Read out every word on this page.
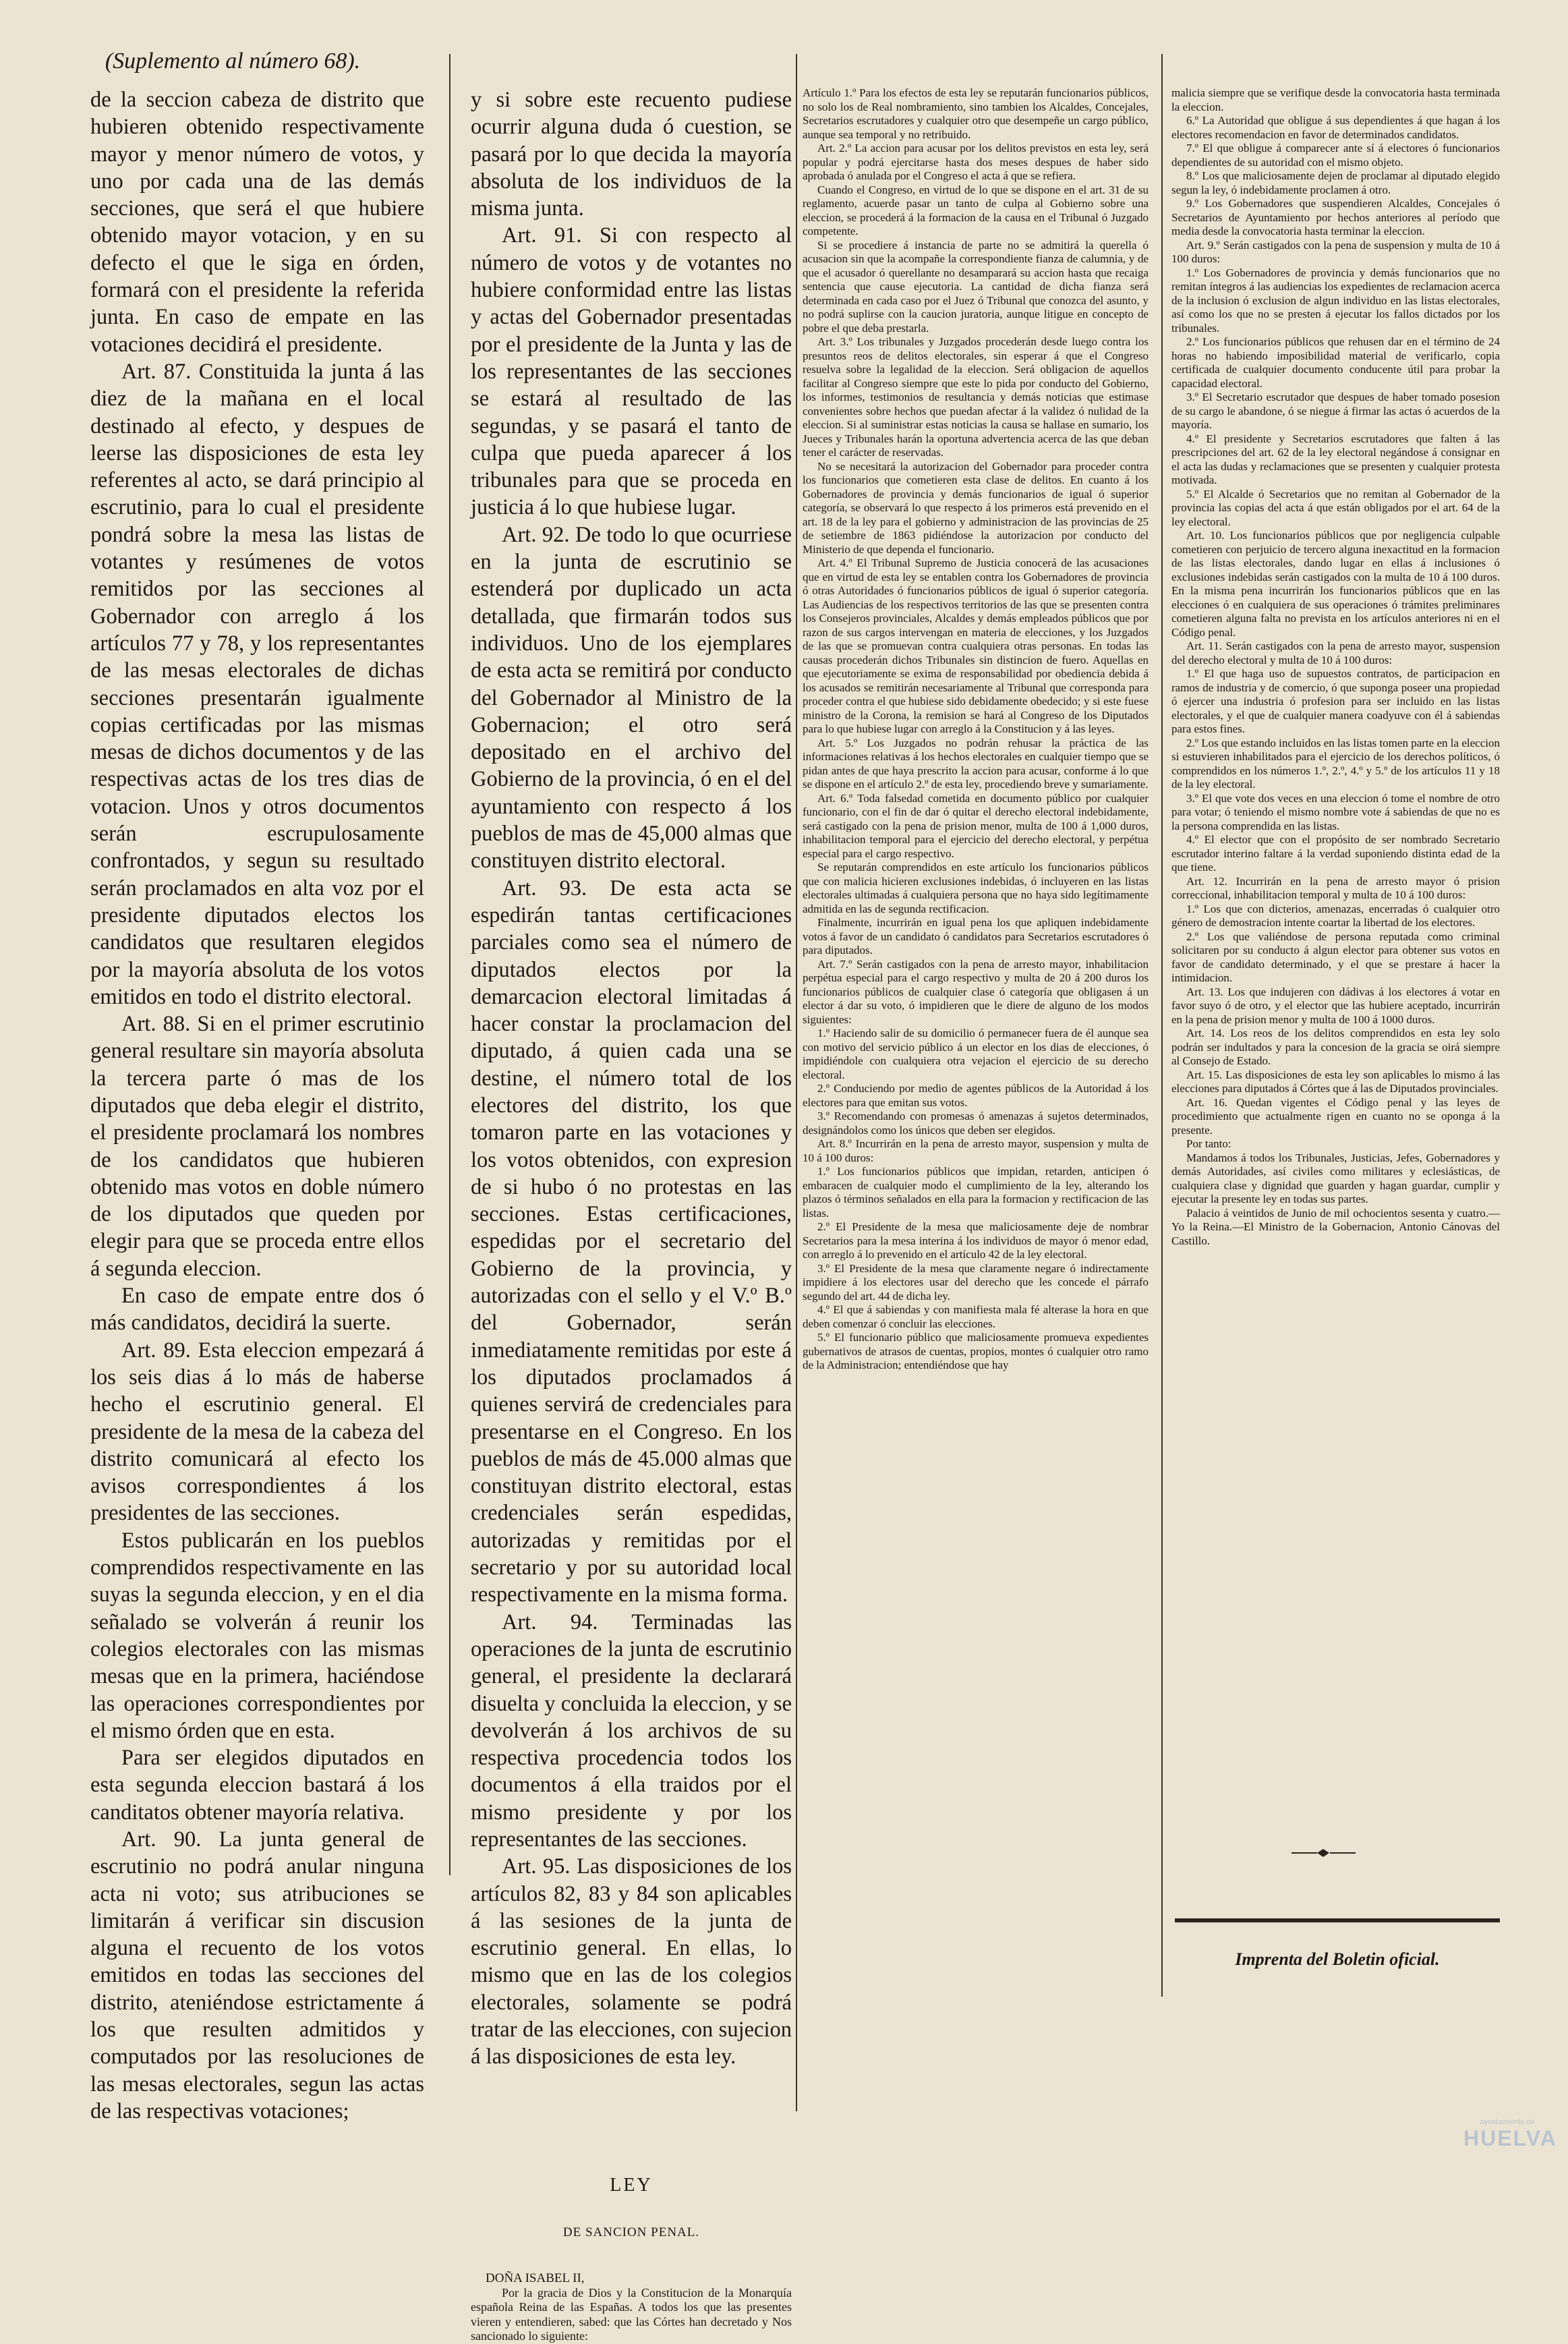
(Suplemento al número 68).

de la seccion cabeza de distrito que hubieren obtenido respectivamente mayor y menor número de votos, y uno por cada una de las demás secciones, que será el que hubiere obtenido mayor votacion, y en su defecto el que le siga en órden, formará con el presidente la referida junta. En caso de empate en las votaciones decidirá el presidente.

Art. 87. Constituida la junta á las diez de la mañana en el local destinado al efecto, y despues de leerse las disposiciones de esta ley referentes al acto, se dará principio al escrutinio, para lo cual el presidente pondrá sobre la mesa las listas de votantes y resúmenes de votos remitidos por las secciones al Gobernador con arreglo á los artículos 77 y 78, y los representantes de las mesas electorales de dichas secciones presentarán igualmente copias certificadas por las mismas mesas de dichos documentos y de las respectivas actas de los tres dias de votacion. Unos y otros documentos serán escrupulosamente confrontados, y segun su resultado serán proclamados en alta voz por el presidente diputados electos los candidatos que resultaren elegidos por la mayoría absoluta de los votos emitidos en todo el distrito electoral.

Art. 88. Si en el primer escrutinio general resultare sin mayoría absoluta la tercera parte ó mas de los diputados que deba elegir el distrito, el presidente proclamará los nombres de los candidatos que hubieren obtenido mas votos en doble número de los diputados que queden por elegir para que se proceda entre ellos á segunda eleccion.

En caso de empate entre dos ó más candidatos, decidirá la suerte.

Art. 89. Esta eleccion empezará á los seis dias á lo más de haberse hecho el escrutinio general. El presidente de la mesa de la cabeza del distrito comunicará al efecto los avisos correspondientes á los presidentes de las secciones.

Estos publicarán en los pueblos comprendidos respectivamente en las suyas la segunda eleccion, y en el dia señalado se volverán á reunir los colegios electorales con las mismas mesas que en la primera, haciéndose las operaciones correspondientes por el mismo órden que en esta.

Para ser elegidos diputados en esta segunda eleccion bastará á los canditatos obtener mayoría relativa.

Art. 90. La junta general de escrutinio no podrá anular ninguna acta ni voto; sus atribuciones se limitarán á verificar sin discusion alguna el recuento de los votos emitidos en todas las secciones del distrito, ateniéndose estrictamente á los que resulten admitidos y computados por las resoluciones de las mesas electorales, segun las actas de las respectivas votaciones;

y si sobre este recuento pudiese ocurrir alguna duda ó cuestion, se pasará por lo que decida la mayoría absoluta de los individuos de la misma junta.

Art. 91. Si con respecto al número de votos y de votantes no hubiere conformidad entre las listas y actas del Gobernador presentadas por el presidente de la Junta y las de los representantes de las secciones se estará al resultado de las segundas, y se pasará el tanto de culpa que pueda aparecer á los tribunales para que se proceda en justicia á lo que hubiese lugar.

Art. 92. De todo lo que ocurriese en la junta de escrutinio se estenderá por duplicado un acta detallada, que firmarán todos sus individuos. Uno de los ejemplares de esta acta se remitirá por conducto del Gobernador al Ministro de la Gobernacion; el otro será depositado en el archivo del Gobierno de la provincia, ó en el del ayuntamiento con respecto á los pueblos de mas de 45,000 almas que constituyen distrito electoral.

Art. 93. De esta acta se espedirán tantas certificaciones parciales como sea el número de diputados electos por la demarcacion electoral limitadas á hacer constar la proclamacion del diputado, á quien cada una se destine, el número total de los electores del distrito, los que tomaron parte en las votaciones y los votos obtenidos, con expresion de si hubo ó no protestas en las secciones. Estas certificaciones, espedidas por el secretario del Gobierno de la provincia, y autorizadas con el sello y el V.º B.º del Gobernador, serán inmediatamente remitidas por este á los diputados proclamados á quienes servirá de credenciales para presentarse en el Congreso. En los pueblos de más de 45.000 almas que constituyan distrito electoral, estas credenciales serán espedidas, autorizadas y remitidas por el secretario y por su autoridad local respectivamente en la misma forma.

Art. 94. Terminadas las operaciones de la junta de escrutinio general, el presidente la declarará disuelta y concluida la eleccion, y se devolverán á los archivos de su respectiva procedencia todos los documentos á ella traidos por el mismo presidente y por los representantes de las secciones.

Art. 95. Las disposiciones de los artículos 82, 83 y 84 son aplicables á las sesiones de la junta de escrutinio general. En ellas, lo mismo que en las de los colegios electorales, solamente se podrá tratar de las elecciones, con sujecion á las disposiciones de esta ley.

LEY

DE SANCION PENAL.

DOÑA ISABEL II,

Por la gracia de Dios y la Constitucion de la Monarquía española Reina de las Españas. A todos los que las presentes vieren y entendieren, sabed: que las Córtes han decretado y Nos sancionado lo siguiente:

Artículo 1.º Para los efectos de esta ley se reputarán funcionarios públicos, no solo los de Real nombramiento, sino tambien los Alcaldes, Concejales, Secretarios escrutadores y cualquier otro que desempeñe un cargo público, aunque sea temporal y no retribuido.

Art. 2.º La accion para acusar por los delitos previstos en esta ley, será popular y podrá ejercitarse hasta dos meses despues de haber sido aprobada ó anulada por el Congreso el acta á que se refiera.

Cuando el Congreso, en virtud de lo que se dispone en el art. 31 de su reglamento, acuerde pasar un tanto de culpa al Gobierno sobre una eleccion, se procederá á la formacion de la causa en el Tribunal ó Juzgado competente.

Si se procediere á instancia de parte no se admitirá la querella ó acusacion sin que la acompañe la correspondiente fianza de calumnia, y de que el acusador ó querellante no desamparará su accion hasta que recaiga sentencia que cause ejecutoria. La cantidad de dicha fianza será determinada en cada caso por el Juez ó Tribunal que conozca del asunto, y no podrá suplirse con la caucion juratoria, aunque litigue en concepto de pobre el que deba prestarla.

Art. 3.º Los tribunales y Juzgados procederán desde luego contra los presuntos reos de delitos electorales, sin esperar á que el Congreso resuelva sobre la legalidad de la eleccion. Será obligacion de aquellos facilitar al Congreso siempre que este lo pida por conducto del Gobierno, los informes, testimonios de resultancia y demás noticias que estimase convenientes sobre hechos que puedan afectar á la validez ó nulidad de la eleccion. Si al suministrar estas noticias la causa se hallase en sumario, los Jueces y Tribunales harán la oportuna advertencia acerca de las que deban tener el carácter de reservadas.

No se necesitará la autorizacion del Gobernador para proceder contra los funcionarios que cometieren esta clase de delitos. En cuanto á los Gobernadores de provincia y demás funcionarios de igual ó superior categoría, se observará lo que respecto á los primeros está prevenido en el art. 18 de la ley para el gobierno y administracion de las provincias de 25 de setiembre de 1863 pidiéndose la autorizacion por conducto del Ministerio de que dependa el funcionario.

Art. 4.º El Tribunal Supremo de Justicia conocerá de las acusaciones que en virtud de esta ley se entablen contra los Gobernadores de provincia ó otras Autoridades ó funcionarios públicos de igual ó superior categoría. Las Audiencias de los respectivos territorios de las que se presenten contra los Consejeros provinciales, Alcaldes y demás empleados públicos que por razon de sus cargos intervengan en materia de elecciones, y los Juzgados de las que se promuevan contra cualquiera otras personas. En todas las causas procederán dichos Tribunales sin distincion de fuero. Aquellas en que ejecutoriamente se exima de responsabilidad por obediencia debida á los acusados se remitirán necesariamente al Tribunal que corresponda para proceder contra el que hubiese sido debidamente obedecido; y si este fuese ministro de la Corona, la remision se hará al Congreso de los Diputados para lo que hubiese lugar con arreglo á la Constitucion y á las leyes.

Art. 5.º Los Juzgados no podrán rehusar la práctica de las informaciones relativas á los hechos electorales en cualquier tiempo que se pidan antes de que haya prescrito la accion para acusar, conforme á lo que se dispone en el artículo 2.º de esta ley, procediendo breve y sumariamente.

Art. 6.º Toda falsedad cometida en documento público por cualquier funcionario, con el fin de dar ó quitar el derecho electoral indebidamente, será castigado con la pena de prision menor, multa de 100 á 1,000 duros, inhabilitacion temporal para el ejercicio del derecho electoral, y perpétua especial para el cargo respectivo.

Se reputarán comprendidos en este artículo los funcionarios públicos que con malicia hicieren exclusiones indebidas, ó incluyeren en las listas electorales ultimadas á cualquiera persona que no haya sido legítimamente admitida en las de segunda rectificacion.

Finalmente, incurrirán en igual pena los que apliquen indebidamente votos á favor de un candidato ó candidatos para Secretarios escrutadores ó para diputados.

Art. 7.º Serán castigados con la pena de arresto mayor, inhabilitacion perpétua especial para el cargo respectivo y multa de 20 á 200 duros los funcionarios públicos de cualquier clase ó categoría que obligasen á un elector á dar su voto, ó impidieren que le diere de alguno de los modos siguientes:

1.º Haciendo salir de su domicilio ó permanecer fuera de él aunque sea con motivo del servicio público á un elector en los dias de elecciones, ó impidiéndole con cualquiera otra vejacion el ejercicio de su derecho electoral.

2.º Conduciendo por medio de agentes públicos de la Autoridad á los electores para que emitan sus votos.

3.º Recomendando con promesas ó amenazas á sujetos determinados, designándolos como los únicos que deben ser elegidos.

Art. 8.º Incurrirán en la pena de arresto mayor, suspension y multa de 10 á 100 duros:

1.º Los funcionarios públicos que impidan, retarden, anticipen ó embaracen de cualquier modo el cumplimiento de la ley, alterando los plazos ó términos señalados en ella para la formacion y rectificacion de las listas.

2.º El Presidente de la mesa que maliciosamente deje de nombrar Secretarios para la mesa interina á los individuos de mayor ó menor edad, con arreglo á lo prevenido en el artículo 42 de la ley electoral.

3.º El Presidente de la mesa que claramente negare ó indirectamente impidiere á los electores usar del derecho que les concede el párrafo segundo del art. 44 de dicha ley.

4.º El que á sabiendas y con manifiesta mala fé alterase la hora en que deben comenzar ó concluir las elecciones.

5.º El funcionario público que maliciosamente promueva expedientes gubernativos de atrasos de cuentas, propios, montes ó cualquier otro ramo de la Administracion; entendiéndose que hay

malicia siempre que se verifique desde la convocatoria hasta terminada la eleccion.

6.º La Autoridad que obligue á sus dependientes á que hagan á los electores recomendacion en favor de determinados candidatos.

7.º El que obligue á comparecer ante sí á electores ó funcionarios dependientes de su autoridad con el mismo objeto.

8.º Los que maliciosamente dejen de proclamar al diputado elegido segun la ley, ó indebidamente proclamen á otro.

9.º Los Gobernadores que suspendieren Alcaldes, Concejales ó Secretarios de Ayuntamiento por hechos anteriores al período que media desde la convocatoria hasta terminar la eleccion.

Art. 9.º Serán castigados con la pena de suspension y multa de 10 á 100 duros:

1.º Los Gobernadores de provincia y demás funcionarios que no remitan íntegros á las audiencias los expedientes de reclamacion acerca de la inclusion ó exclusion de algun individuo en las listas electorales, así como los que no se presten á ejecutar los fallos dictados por los tribunales.

2.º Los funcionarios públicos que rehusen dar en el término de 24 horas no habiendo imposibilidad material de verificarlo, copia certificada de cualquier documento conducente útil para probar la capacidad electoral.

3.º El Secretario escrutador que despues de haber tomado posesion de su cargo le abandone, ó se niegue á firmar las actas ó acuerdos de la mayoría.

4.º El presidente y Secretarios escrutadores que falten á las prescripciones del art. 62 de la ley electoral negándose á consignar en el acta las dudas y reclamaciones que se presenten y cualquier protesta motivada.

5.º El Alcalde ó Secretarios que no remitan al Gobernador de la provincia las copias del acta á que están obligados por el art. 64 de la ley electoral.

Art. 10. Los funcionarios públicos que por negligencia culpable cometieren con perjuicio de tercero alguna inexactitud en la formacion de las listas electorales, dando lugar en ellas á inclusiones ó exclusiones indebidas serán castigados con la multa de 10 á 100 duros. En la misma pena incurrirán los funcionarios públicos que en las elecciones ó en cualquiera de sus operaciones ó trámites preliminares cometieren alguna falta no prevista en los artículos anteriores ni en el Código penal.

Art. 11. Serán castigados con la pena de arresto mayor, suspension del derecho electoral y multa de 10 á 100 duros:

1.º El que haga uso de supuestos contratos, de participacion en ramos de industria y de comercio, ó que suponga poseer una propiedad ó ejercer una industria ó profesion para ser incluido en las listas electorales, y el que de cualquier manera coadyuve con él á sabiendas para estos fines.

2.º Los que estando incluidos en las listas tomen parte en la eleccion si estuvieren inhabilitados para el ejercicio de los derechos políticos, ó comprendidos en los números 1.º, 2.º, 4.º y 5.º de los artículos 11 y 18 de la ley electoral.

3.º El que vote dos veces en una eleccion ó tome el nombre de otro para votar; ó teniendo el mismo nombre vote á sabiendas de que no es la persona comprendida en las listas.

4.º El elector que con el propósito de ser nombrado Secretario escrutador interino faltare á la verdad suponiendo distinta edad de la que tiene.

Art. 12. Incurrirán en la pena de arresto mayor ó prision correccional, inhabilitacion temporal y multa de 10 á 100 duros:

1.º Los que con dicterios, amenazas, encerradas ó cualquier otro género de demostracion intente coartar la libertad de los electores.

2.º Los que valiéndose de persona reputada como criminal solicitaren por su conducto á algun elector para obtener sus votos en favor de candidato determinado, y el que se prestare á hacer la intimidacion.

Art. 13. Los que indujeren con dádivas á los electores á votar en favor suyo ó de otro, y el elector que las hubiere aceptado, incurrirán en la pena de prision menor y multa de 100 á 1000 duros.

Art. 14. Los reos de los delitos comprendidos en esta ley solo podrán ser indultados y para la concesion de la gracia se oirá siempre al Consejo de Estado.

Art. 15. Las disposiciones de esta ley son aplicables lo mismo á las elecciones para diputados á Córtes que á las de Diputados provinciales.

Art. 16. Quedan vigentes el Código penal y las leyes de procedimiento que actualmente rigen en cuanto no se oponga á la presente.

Por tanto:

Mandamos á todos los Tribunales, Justicias, Jefes, Gobernadores y demás Autoridades, así civiles como militares y eclesiásticas, de cualquiera clase y dignidad que guarden y hagan guardar, cumplir y ejecutar la presente ley en todas sus partes.

Palacio á veintidos de Junio de mil ochocientos sesenta y cuatro.—Yo la Reina.—El Ministro de la Gobernacion, Antonio Cánovas del Castillo.

Imprenta del Boletin oficial.
ayuntamiento de
HUELVA
